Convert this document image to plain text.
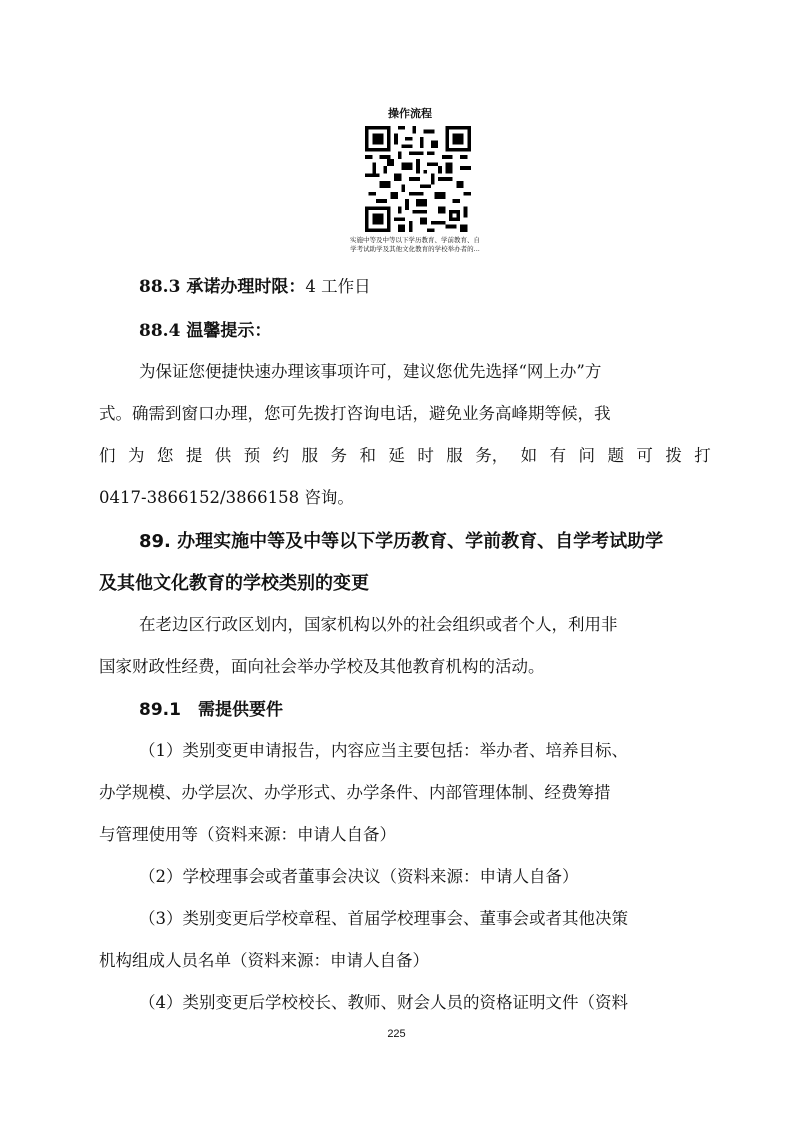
操作流程
实施中等及中等以下学历教育、学前教育、自
学考试助学及其他文化教育的学校举办者的...
88.3 承诺办理时限：4 工作日
88.4 温馨提示：
为保证您便捷快速办理该事项许可，建议您优先选择“网上办”方
式。确需到窗口办理，您可先拨打咨询电话，避免业务高峰期等候，我
们 为 您 提 供 预 约 服 务 和 延 时 服 务， 如 有 问 题 可 拨 打
0417-3866152/3866158 咨询。
89. 办理实施中等及中等以下学历教育、学前教育、自学考试助学
及其他文化教育的学校类别的变更
在老边区行政区划内，国家机构以外的社会组织或者个人，利用非
国家财政性经费，面向社会举办学校及其他教育机构的活动。
89.1　需提供要件
（1）类别变更申请报告，内容应当主要包括：举办者、培养目标、
办学规模、办学层次、办学形式、办学条件、内部管理体制、经费筹措
与管理使用等（资料来源：申请人自备）
（2）学校理事会或者董事会决议（资料来源：申请人自备）
（3）类别变更后学校章程、首届学校理事会、董事会或者其他决策
机构组成人员名单（资料来源：申请人自备）
（4）类别变更后学校校长、教师、财会人员的资格证明文件（资料
225
